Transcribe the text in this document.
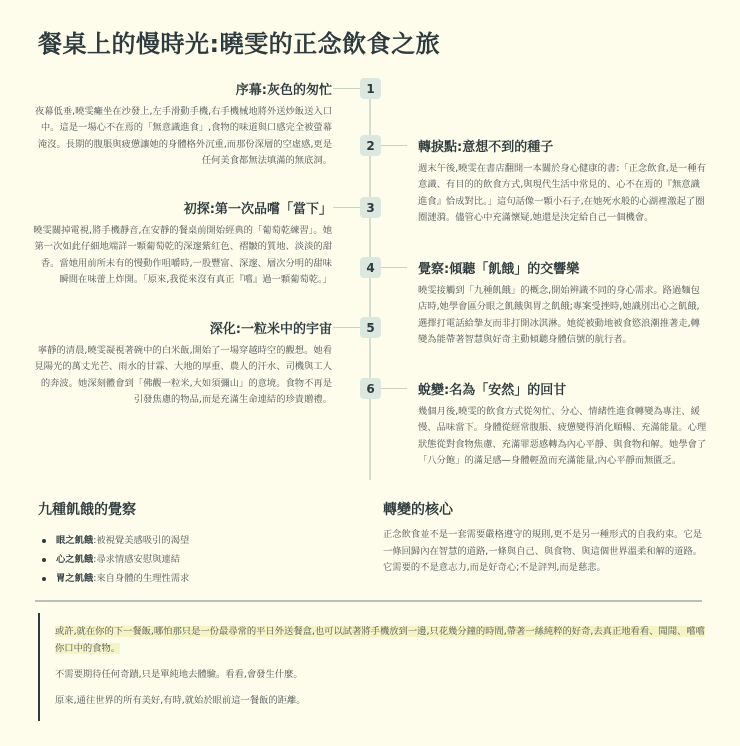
餐桌上的慢時光:曉雯的正念飲食之旅
1
序幕:灰色的匆忙

夜幕低垂,曉雯癱坐在沙發上,左手滑動手機,右手機械地將外送炒飯送入口中。這是一場心不在焉的「無意識進食」,食物的味道與口感完全被螢幕淹沒。長期的腹脹與疲憊讓她的身體格外沉重,而那份深層的空虛感,更是任何美食都無法填滿的無底洞。

2	轉捩點:意想不到的種子

週末午後,曉雯在書店翻開一本關於身心健康的書:「正念飲食,是一種有意識、有目的的飲食方式,與現代生活中常見的、心不在焉的『無意識進食』恰成對比。」這句話像一顆小石子,在她死水般的心湖裡激起了圈圈漣漪。儘管心中充滿懷疑,她還是決定給自己一個機會。

3
初探:第一次品嚐「當下」

曉雯關掉電視,將手機靜音,在安靜的餐桌前開始經典的「葡萄乾練習」。她第一次如此仔細地端詳一顆葡萄乾的深邃紫紅色、褶皺的質地、淡淡的甜香。當她用前所未有的慢動作咀嚼時,一股豐富、深邃、層次分明的甜味瞬間在味蕾上炸開。「原來,我從來沒有真正『嚐』過一顆葡萄乾。」

4	覺察:傾聽「飢餓」的交響樂

曉雯接觸到「九種飢餓」的概念,開始辨識不同的身心需求。路過麵包店時,她學會區分眼之飢餓與胃之飢餓;專案受挫時,她識別出心之飢餓,選擇打電話給摯友而非打開冰淇淋。她從被動地被食慾浪潮推著走,轉變為能帶著智慧與好奇主動傾聽身體信號的航行者。

5
深化:一粒米中的宇宙

寧靜的清晨,曉雯凝視著碗中的白米飯,開始了一場穿越時空的觀想。她看見陽光的萬丈光芒、雨水的甘霖、大地的厚重、農人的汗水、司機與工人的奔波。她深刻體會到「佛觀一粒米,大如須彌山」的意境。食物不再是引發焦慮的物品,而是充滿生命連結的珍貴贈禮。

6	蛻變:名為「安然」的回甘

幾個月後,曉雯的飲食方式從匆忙、分心、情緒性進食轉變為專注、緩慢、品味當下。身體從經常腹脹、疲憊變得消化順暢、充滿能量。心理狀態從對食物焦慮、充滿罪惡感轉為內心平靜、與食物和解。她學會了「八分飽」的滿足感—身體輕盈而充滿能量,內心平靜而無匱乏。

九種飢餓的覺察
眼之飢餓:被視覺美感吸引的渴望
心之飢餓:尋求情感安慰與連結
胃之飢餓:來自身體的生理性需求
轉變的核心

正念飲食並不是一套需要嚴格遵守的規則,更不是另一種形式的自我約束。它是一條回歸內在智慧的道路,一條與自己、與食物、與這個世界溫柔和解的道路。它需要的不是意志力,而是好奇心;不是評判,而是慈悲。

或許,就在你的下一餐飯,哪怕那只是一份最尋常的平日外送餐盒,也可以試著將手機放到一邊,只花幾分鐘的時間,帶著一絲純粹的好奇,去真正地看看、聞聞、嚐嚐你口中的食物。

不需要期待任何奇蹟,只是單純地去體驗。看看,會發生什麼。

原來,通往世界的所有美好,有時,就始於眼前這一餐飯的距離。
